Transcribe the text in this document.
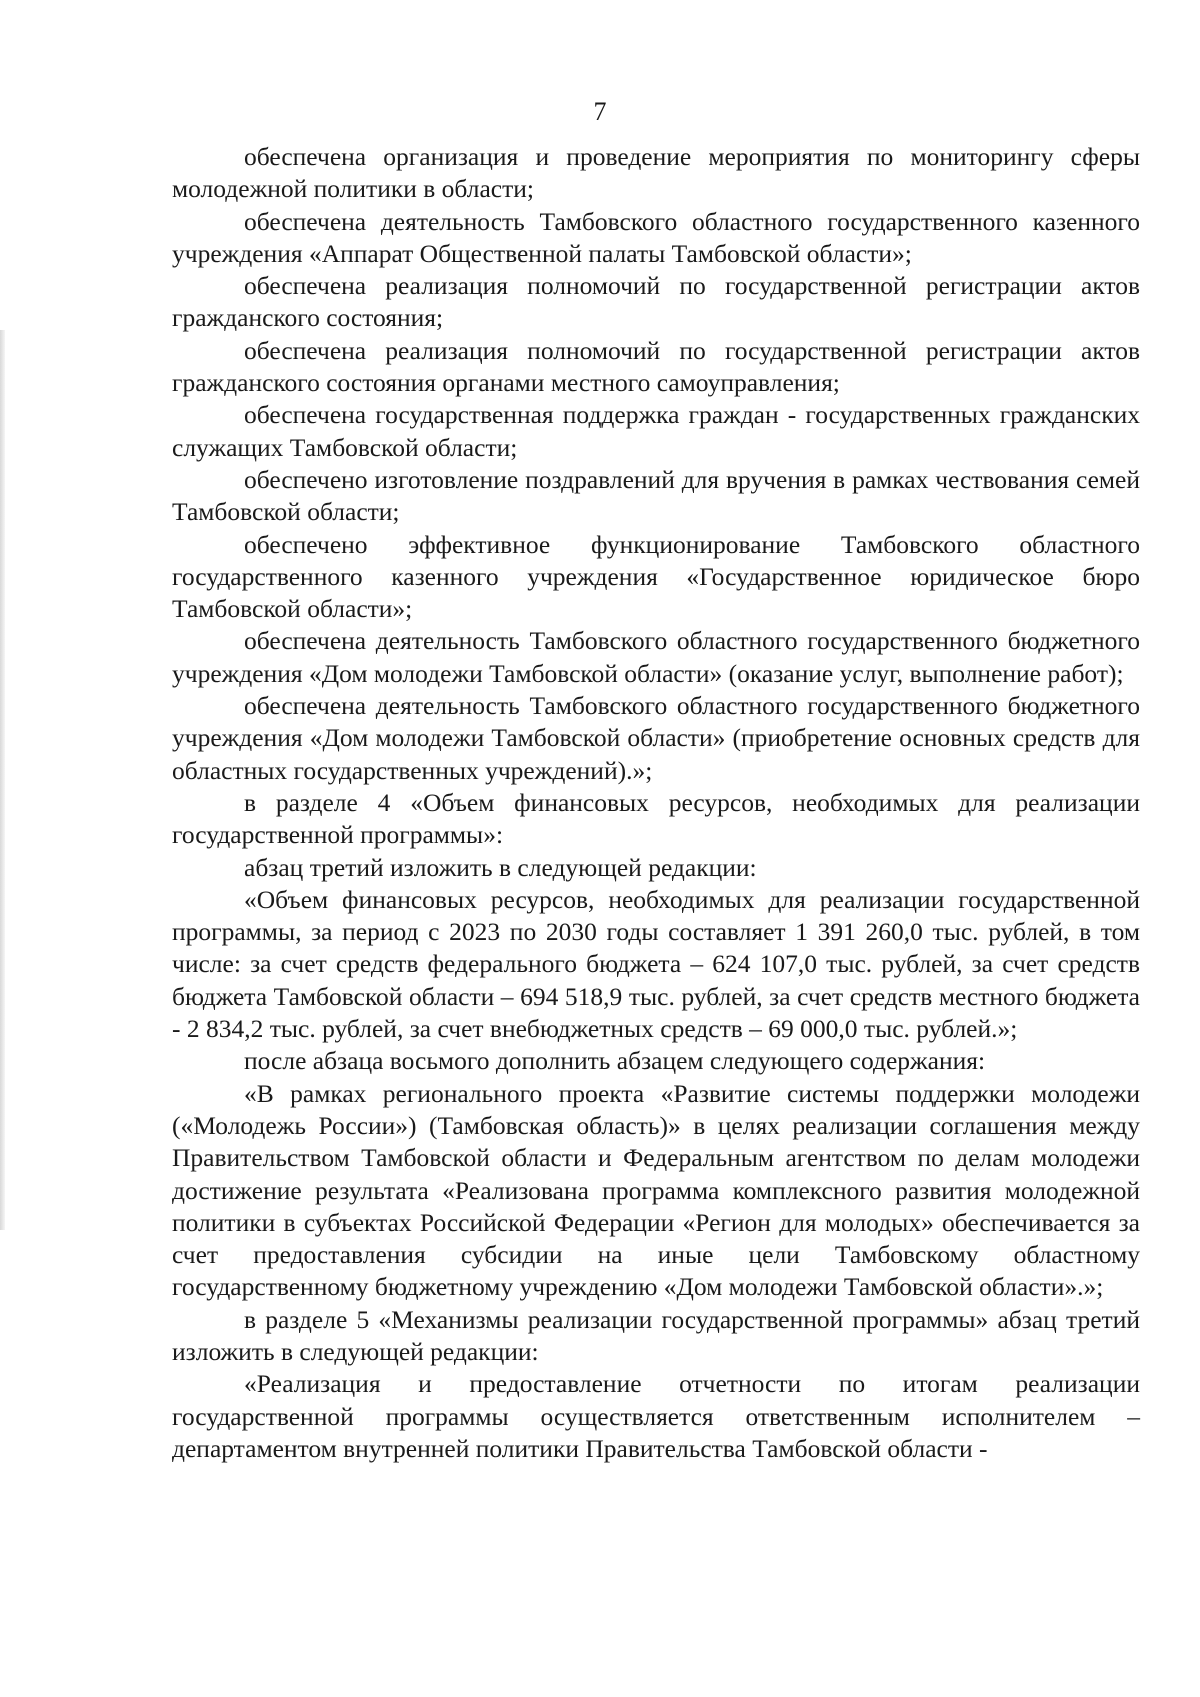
7

обеспечена организация и проведение мероприятия по мониторингу сферы молодежной политики в области;

обеспечена деятельность Тамбовского областного государственного казенного учреждения «Аппарат Общественной палаты Тамбовской области»;

обеспечена реализация полномочий по государственной регистрации актов гражданского состояния;

обеспечена реализация полномочий по государственной регистрации актов гражданского состояния органами местного самоуправления;

обеспечена государственная поддержка граждан - государственных гражданских служащих Тамбовской области;

обеспечено изготовление поздравлений для вручения в рамках чествования семей Тамбовской области;

обеспечено эффективное функционирование Тамбовского областного государственного казенного учреждения «Государственное юридическое бюро Тамбовской области»;

обеспечена деятельность Тамбовского областного государственного бюджетного учреждения «Дом молодежи Тамбовской области» (оказание услуг, выполнение работ);

обеспечена деятельность Тамбовского областного государственного бюджетного учреждения «Дом молодежи Тамбовской области» (приобретение основных средств для областных государственных учреждений).»;

в разделе 4 «Объем финансовых ресурсов, необходимых для реализации государственной программы»:

абзац третий изложить в следующей редакции:

«Объем финансовых ресурсов, необходимых для реализации государственной программы, за период с 2023 по 2030 годы составляет 1 391 260,0 тыс. рублей, в том числе: за счет средств федерального бюджета – 624 107,0 тыс. рублей, за счет средств бюджета Тамбовской области – 694 518,9 тыс. рублей, за счет средств местного бюджета - 2 834,2 тыс. рублей, за счет внебюджетных средств – 69 000,0 тыс. рублей.»;

после абзаца восьмого дополнить абзацем следующего содержания:

«В рамках регионального проекта «Развитие системы поддержки молодежи («Молодежь России») (Тамбовская область)» в целях реализации соглашения между Правительством Тамбовской области и Федеральным агентством по делам молодежи достижение результата «Реализована программа комплексного развития молодежной политики в субъектах Российской Федерации «Регион для молодых» обеспечивается за счет предоставления субсидии на иные цели Тамбовскому областному государственному бюджетному учреждению «Дом молодежи Тамбовской области».»;

в разделе 5 «Механизмы реализации государственной программы» абзац третий изложить в следующей редакции:

«Реализация и предоставление отчетности по итогам реализации государственной программы осуществляется ответственным исполнителем – департаментом внутренней политики Правительства Тамбовской области -
